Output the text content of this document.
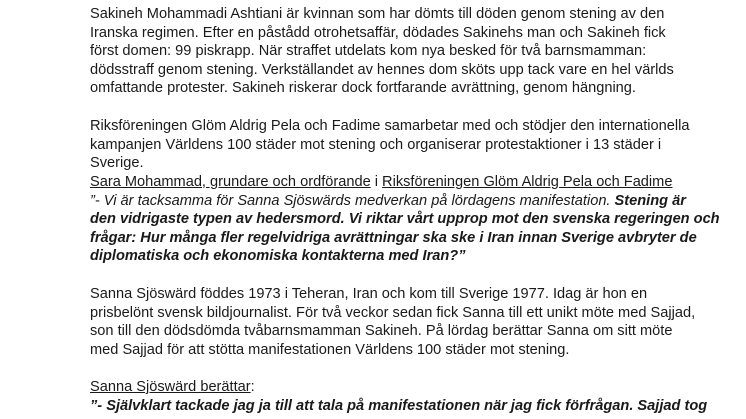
Sakineh Mohammadi Ashtiani är kvinnan som har dömts till döden genom stening av den
Iranska regimen. Efter en påstådd otrohetsaffär, dödades Sakinehs man och Sakineh fick
först domen: 99 piskrapp. När straffet utdelats kom nya besked för två barnsmamman:
dödsstraff genom stening. Verkställandet av hennes dom sköts upp tack vare en hel världs
omfattande protester. Sakineh riskerar dock fortfarande avrättning, genom hängning.

Riksföreningen Glöm Aldrig Pela och Fadime samarbetar med och stödjer den internationella
kampanjen Världens 100 städer mot stening och organiserar protestaktioner i 13 städer i
Sverige.

Sara Mohammad, grundare och ordförande i Riksföreningen Glöm Aldrig Pela och Fadime
”- Vi är tacksamma för Sanna Sjöswärds medverkan på lördagens manifestation. Stening är
den vidrigaste typen av hedersmord. Vi riktar vårt upprop mot den svenska regeringen och
frågar: Hur många fler regelvidriga avrättningar ska ske i Iran innan Sverige avbryter de
diplomatiska och ekonomiska kontakterna med Iran?”

Sanna Sjöswärd föddes 1973 i Teheran, Iran och kom till Sverige 1977. Idag är hon en
prisbelönt svensk bildjournalist. För två veckor sedan fick Sanna till ett unikt möte med Sajjad,
son till den dödsdömda tvåbarnsmamman Sakineh. På lördag berättar Sanna om sitt möte
med Sajjad för att stötta manifestationen Världens 100 städer mot stening.

Sanna Sjöswärd berättar:
”- Självklart tackade jag ja till att tala på manifestationen när jag fick förfrågan. Sajjad tog
